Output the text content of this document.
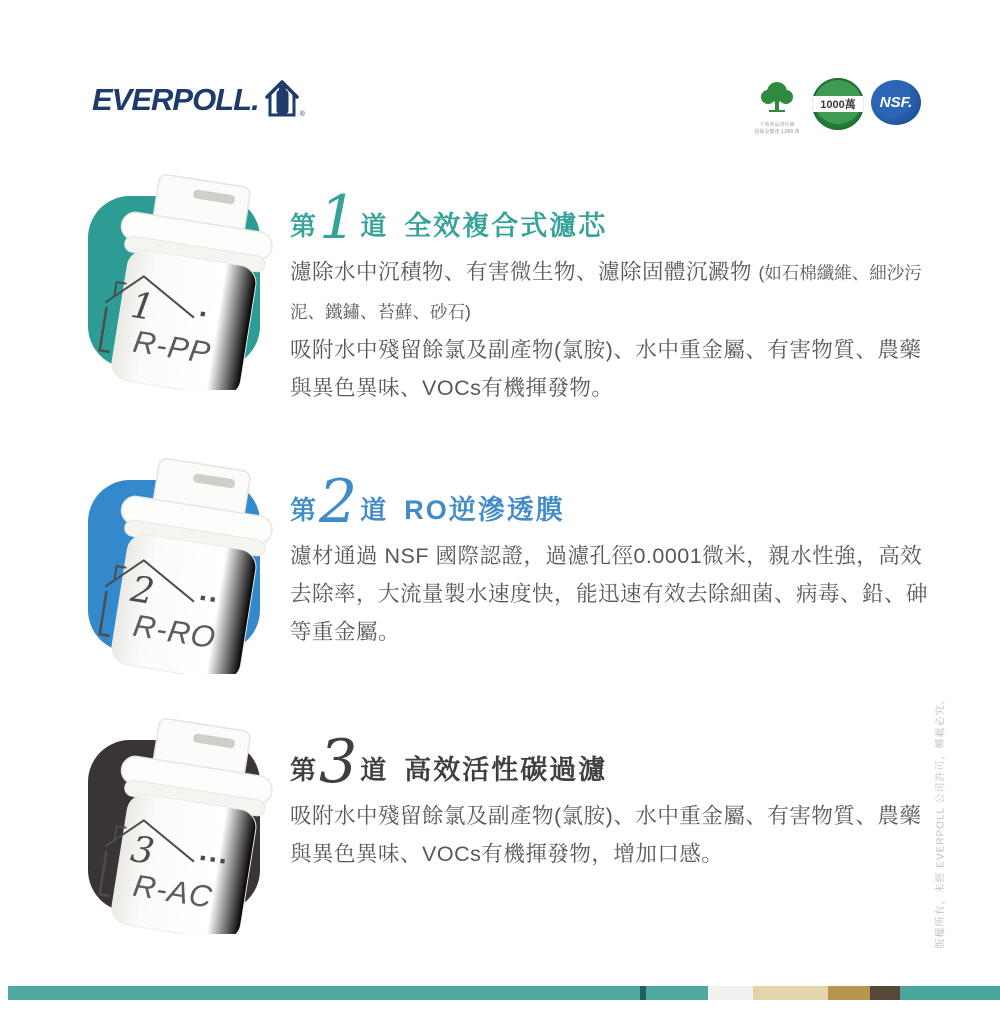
EVERPOLL.	®
千萬產品責任險
投保金額達 1,000 萬
1000萬	NSF.
1 ·
R-PP
第 1 道 全效複合式濾芯

濾除水中沉積物、有害微生物、濾除固體沉澱物 (如石棉纖維、細沙污泥、鐵鏽、苔蘚、砂石)

吸附水中殘留餘氯及副產物(氯胺)、水中重金屬、有害物質、農藥與異色異味、VOCs有機揮發物。

2 ··
R-RO
第 2 道 RO逆滲透膜

濾材通過 NSF 國際認證，過濾孔徑0.0001微米，親水性強，高效去除率，大流量製水速度快，能迅速有效去除細菌、病毒、鉛、砷等重金屬。

3 ···
R-AC
第 3 道 高效活性碳過濾

吸附水中殘留餘氯及副產物(氯胺)、水中重金屬、有害物質、農藥與異色異味、VOCs有機揮發物，增加口感。	版權所有，未經 EVERPOLL 公司許可，轉載必究。
